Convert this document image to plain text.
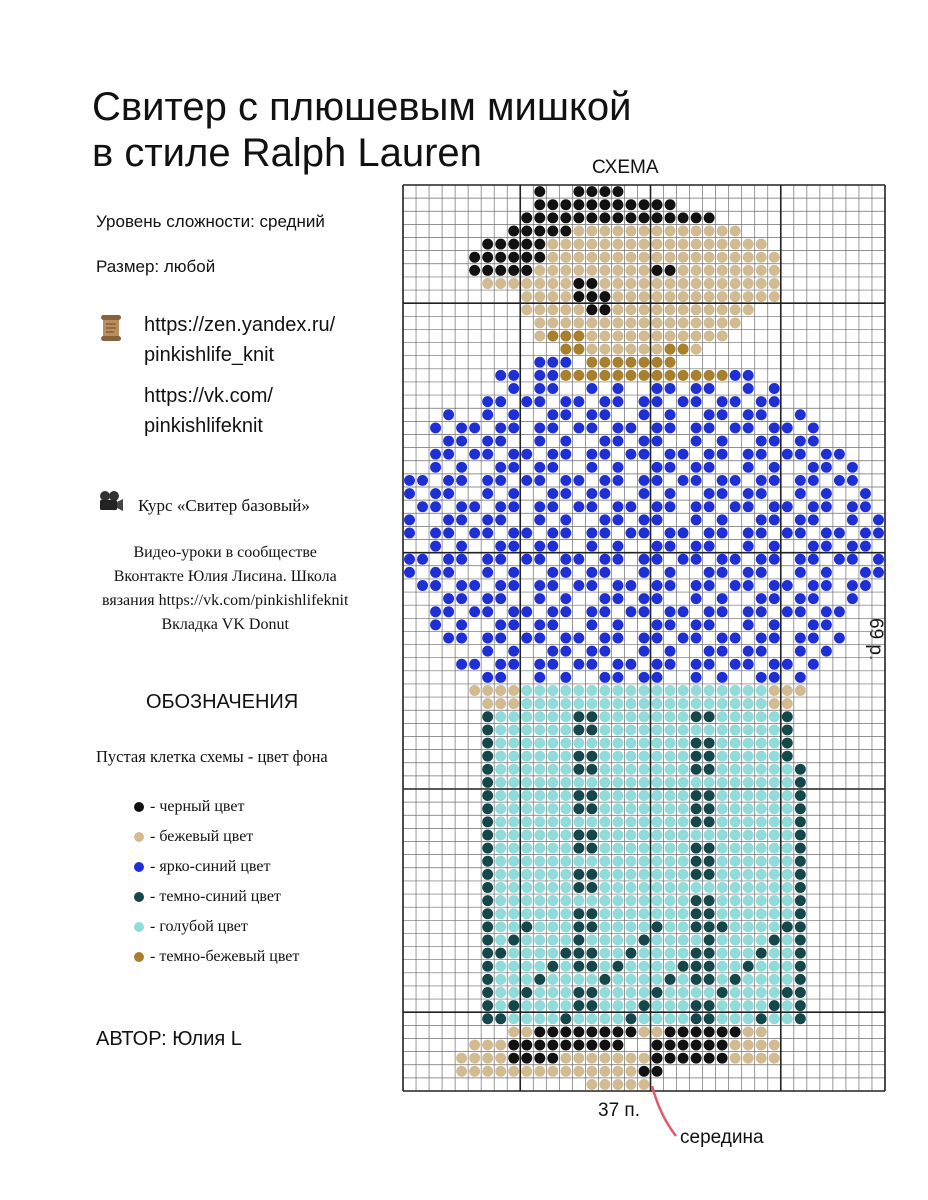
Свитер с плюшевым мишкой
в стиле Ralph Lauren
Уровень сложности: средний
Размер: любой
https://zen.yandex.ru/
pinkishlife_knit
https://vk.com/
pinkishlifeknit
Курс «Свитер базовый»
Видео-уроки в сообществе
Вконтакте Юлия Лисина. Школа
вязания https://vk.com/pinkishlifeknit
Вкладка VK Donut
ОБОЗНАЧЕНИЯ
Пустая клетка схемы - цвет фона
- черный цвет
- бежевый цвет
- ярко-синий цвет
- темно-синий цвет
- голубой цвет
- темно-бежевый цвет
АВТОР: Юлия L
СХЕМА
69 р.
37 п.
середина
